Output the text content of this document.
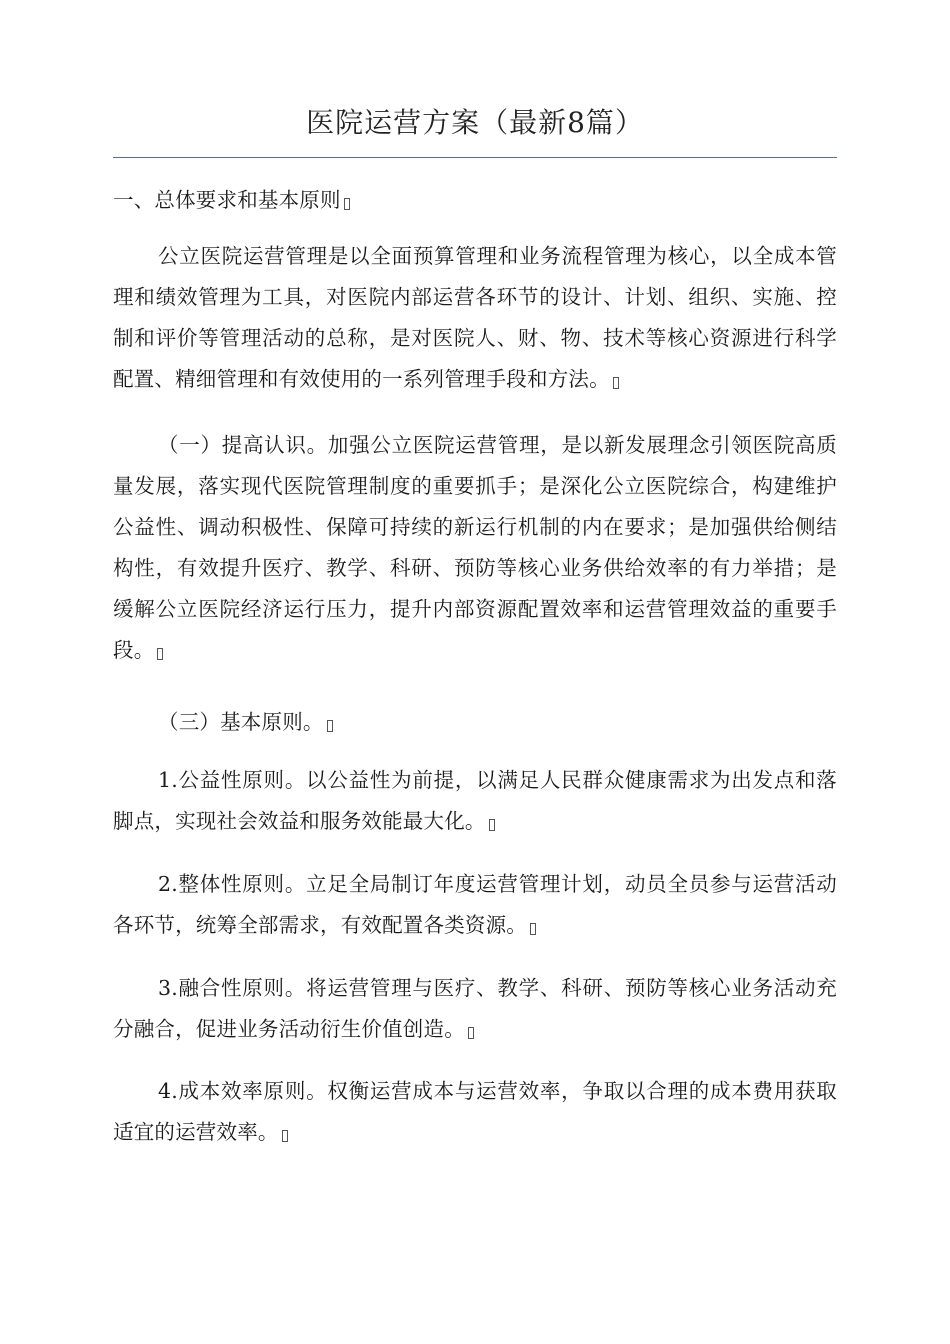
医院运营方案（最新8篇）
一、总体要求和基本原则
公立医院运营管理是以全面预算管理和业务流程管理为核心，以全成本管理和绩效管理为工具，对医院内部运营各环节的设计、计划、组织、实施、控制和评价等管理活动的总称，是对医院人、财、物、技术等核心资源进行科学配置、精细管理和有效使用的一系列管理手段和方法。
（一）提高认识。加强公立医院运营管理，是以新发展理念引领医院高质量发展，落实现代医院管理制度的重要抓手；是深化公立医院综合，构建维护公益性、调动积极性、保障可持续的新运行机制的内在要求；是加强供给侧结构性，有效提升医疗、教学、科研、预防等核心业务供给效率的有力举措；是缓解公立医院经济运行压力，提升内部资源配置效率和运营管理效益的重要手段。
（三）基本原则。
1.公益性原则。以公益性为前提，以满足人民群众健康需求为出发点和落脚点，实现社会效益和服务效能最大化。
2.整体性原则。立足全局制订年度运营管理计划，动员全员参与运营活动各环节，统筹全部需求，有效配置各类资源。
3.融合性原则。将运营管理与医疗、教学、科研、预防等核心业务活动充分融合，促进业务活动衍生价值创造。
4.成本效率原则。权衡运营成本与运营效率，争取以合理的成本费用获取适宜的运营效率。
